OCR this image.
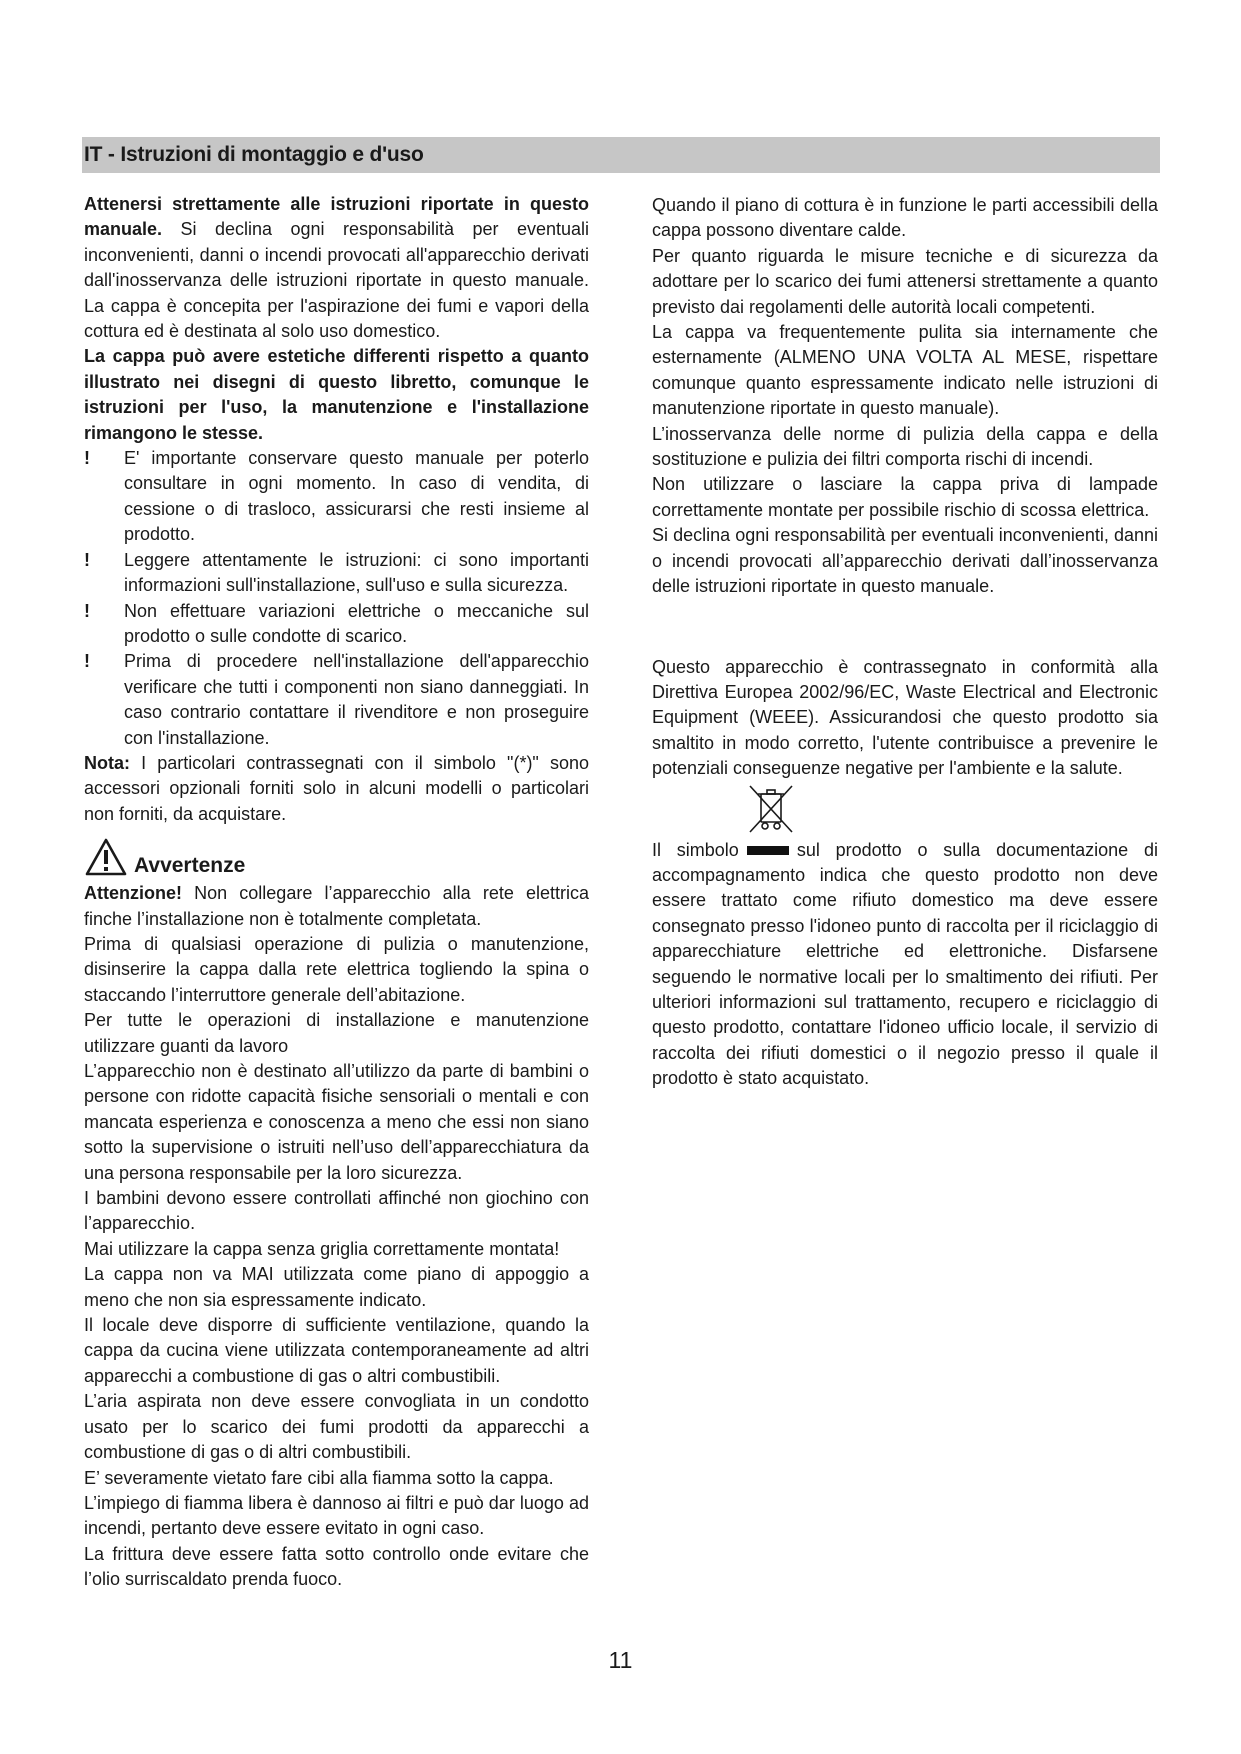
IT - Istruzioni di montaggio e d'uso

Attenersi strettamente alle istruzioni riportate in questo manuale. Si declina ogni responsabilità per eventuali inconvenienti, danni o incendi provocati all'apparecchio derivati dall'inosservanza delle istruzioni riportate in questo manuale. La cappa è concepita per l'aspirazione dei fumi e vapori della cottura ed è destinata al solo uso domestico.

La cappa può avere estetiche differenti rispetto a quanto illustrato nei disegni di questo libretto, comunque le istruzioni per l'uso, la manutenzione e l'installazione rimangono le stesse.

! E' importante conservare questo manuale per poterlo consultare in ogni momento. In caso di vendita, di cessione o di trasloco, assicurarsi che resti insieme al prodotto.
! Leggere attentamente le istruzioni: ci sono importanti informazioni sull'installazione, sull'uso e sulla sicurezza.
! Non effettuare variazioni elettriche o meccaniche sul prodotto o sulle condotte di scarico.
! Prima di procedere nell'installazione dell'apparecchio verificare che tutti i componenti non siano danneggiati. In caso contrario contattare il rivenditore e non proseguire con l'installazione.

Nota: I particolari contrassegnati con il simbolo "(*)" sono accessori opzionali forniti solo in alcuni modelli o particolari non forniti, da acquistare.

Avvertenze

Attenzione! Non collegare l’apparecchio alla rete elettrica finche l’installazione non è totalmente completata.

Prima di qualsiasi operazione di pulizia o manutenzione, disinserire la cappa dalla rete elettrica togliendo la spina o staccando l’interruttore generale dell’abitazione.

Per tutte le operazioni di installazione e manutenzione utilizzare guanti da lavoro

L’apparecchio non è destinato all’utilizzo da parte di bambini o persone con ridotte capacità fisiche sensoriali o mentali e con mancata esperienza e conoscenza a meno che essi non siano sotto la supervisione o istruiti nell’uso dell’apparecchiatura da una persona responsabile per la loro sicurezza.

I bambini devono essere controllati affinché non giochino con l’apparecchio.

Mai utilizzare la cappa senza griglia correttamente montata!

La cappa non va MAI utilizzata come piano di appoggio a meno che non sia espressamente indicato.

Il locale deve disporre di sufficiente ventilazione, quando la cappa da cucina viene utilizzata contemporaneamente ad altri apparecchi a combustione di gas o altri combustibili.

L’aria aspirata non deve essere convogliata in un condotto usato per lo scarico dei fumi prodotti da apparecchi a combustione di gas o di altri combustibili.

E’ severamente vietato fare cibi alla fiamma sotto la cappa.

L’impiego di fiamma libera è dannoso ai filtri e può dar luogo ad incendi, pertanto deve essere evitato in ogni caso.

La frittura deve essere fatta sotto controllo onde evitare che l’olio surriscaldato prenda fuoco.

Quando il piano di cottura è in funzione le parti accessibili della cappa possono diventare calde.

Per quanto riguarda le misure tecniche e di sicurezza da adottare per lo scarico dei fumi attenersi strettamente a quanto previsto dai regolamenti delle autorità locali competenti.

La cappa va frequentemente pulita sia internamente che esternamente (ALMENO UNA VOLTA AL MESE, rispettare comunque quanto espressamente indicato nelle istruzioni di manutenzione riportate in questo manuale).

L’inosservanza delle norme di pulizia della cappa e della sostituzione e pulizia dei filtri comporta rischi di incendi.

Non utilizzare o lasciare la cappa priva di lampade correttamente montate per possibile rischio di scossa elettrica.

Si declina ogni responsabilità per eventuali inconvenienti, danni o incendi provocati all’apparecchio derivati dall’inosservanza delle istruzioni riportate in questo manuale.

Questo apparecchio è contrassegnato in conformità alla Direttiva Europea 2002/96/EC, Waste Electrical and Electronic Equipment (WEEE). Assicurandosi che questo prodotto sia smaltito in modo corretto, l'utente contribuisce a prevenire le potenziali conseguenze negative per l'ambiente e la salute.

Il simbolo	sul prodotto o sulla documentazione di accompagnamento indica che questo prodotto non deve essere trattato come rifiuto domestico ma deve essere consegnato presso l'idoneo punto di raccolta per il riciclaggio di apparecchiature elettriche ed elettroniche. Disfarsene seguendo le normative locali per lo smaltimento dei rifiuti. Per ulteriori informazioni sul trattamento, recupero e riciclaggio di questo prodotto, contattare l'idoneo ufficio locale, il servizio di raccolta dei rifiuti domestici o il negozio presso il quale il prodotto è stato acquistato.

11
